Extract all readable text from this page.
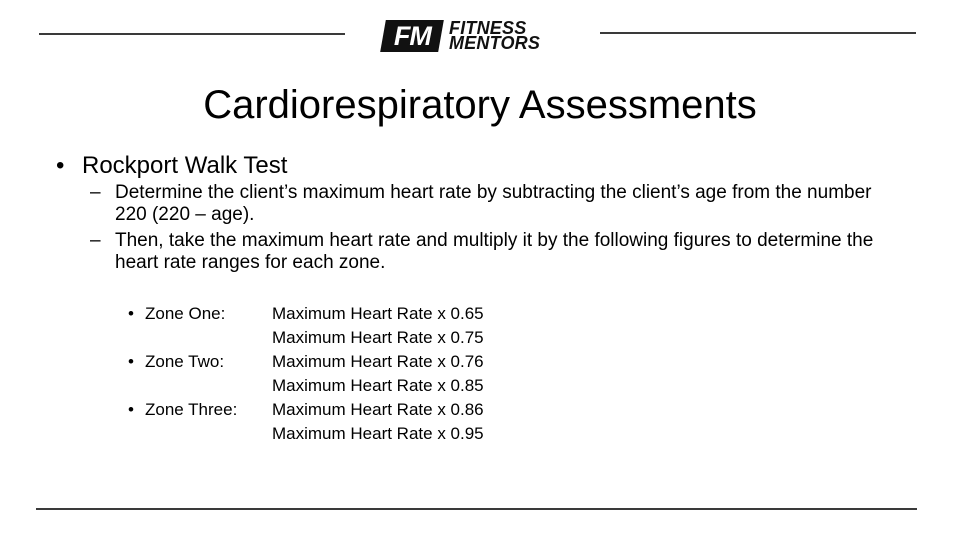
FM FITNESS
MENTORS
Cardiorespiratory Assessments
• Rockport Walk Test
– Determine the client’s maximum heart rate by subtracting the client’s age from the number 220 (220 – age).
– Then, take the maximum heart rate and multiply it by the following figures to determine the heart rate ranges for each zone.
• Zone One:	Maximum Heart Rate x 0.65
Maximum Heart Rate x 0.75
• Zone Two:	Maximum Heart Rate x 0.76
Maximum Heart Rate x 0.85
• Zone Three:	Maximum Heart Rate x 0.86
Maximum Heart Rate x 0.95
